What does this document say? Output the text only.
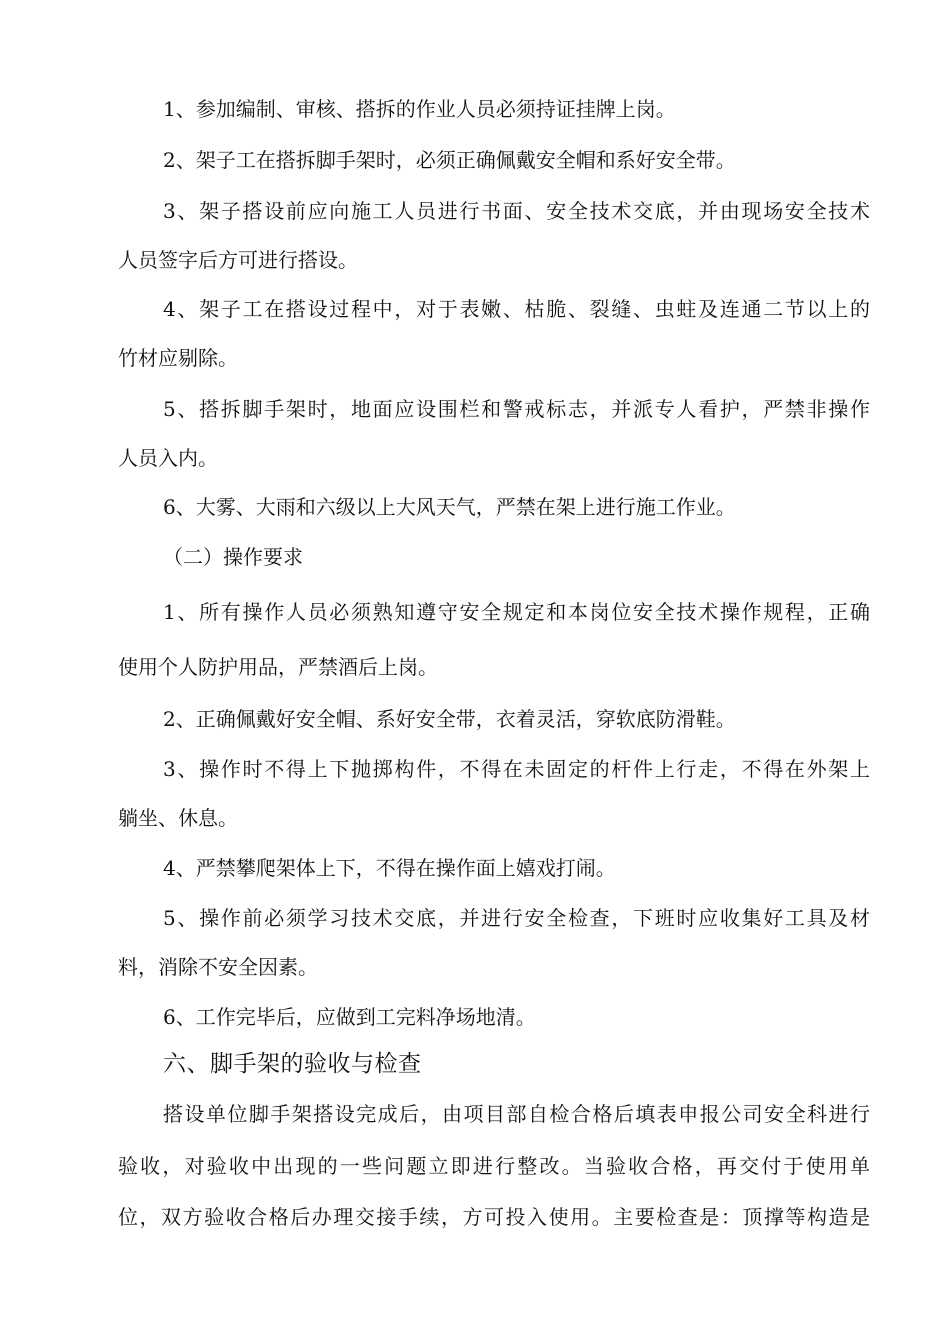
1、参加编制、审核、搭拆的作业人员必须持证挂牌上岗。
2、架子工在搭拆脚手架时，必须正确佩戴安全帽和系好安全带。
3、架子搭设前应向施工人员进行书面、安全技术交底，并由现场安全技术
人员签字后方可进行搭设。
4、架子工在搭设过程中，对于表嫩、枯脆、裂缝、虫蛀及连通二节以上的
竹材应剔除。
5、搭拆脚手架时，地面应设围栏和警戒标志，并派专人看护，严禁非操作
人员入内。
6、大雾、大雨和六级以上大风天气，严禁在架上进行施工作业。
（二）操作要求
1、所有操作人员必须熟知遵守安全规定和本岗位安全技术操作规程，正确
使用个人防护用品，严禁酒后上岗。
2、正确佩戴好安全帽、系好安全带，衣着灵活，穿软底防滑鞋。
3、操作时不得上下抛掷构件，不得在未固定的杆件上行走，不得在外架上
躺坐、休息。
4、严禁攀爬架体上下，不得在操作面上嬉戏打闹。
5、操作前必须学习技术交底，并进行安全检查，下班时应收集好工具及材
料，消除不安全因素。
6、工作完毕后，应做到工完料净场地清。
六、脚手架的验收与检查
搭设单位脚手架搭设完成后，由项目部自检合格后填表申报公司安全科进行
验收，对验收中出现的一些问题立即进行整改。当验收合格，再交付于使用单
位，双方验收合格后办理交接手续，方可投入使用。主要检查是：顶撑等构造是
